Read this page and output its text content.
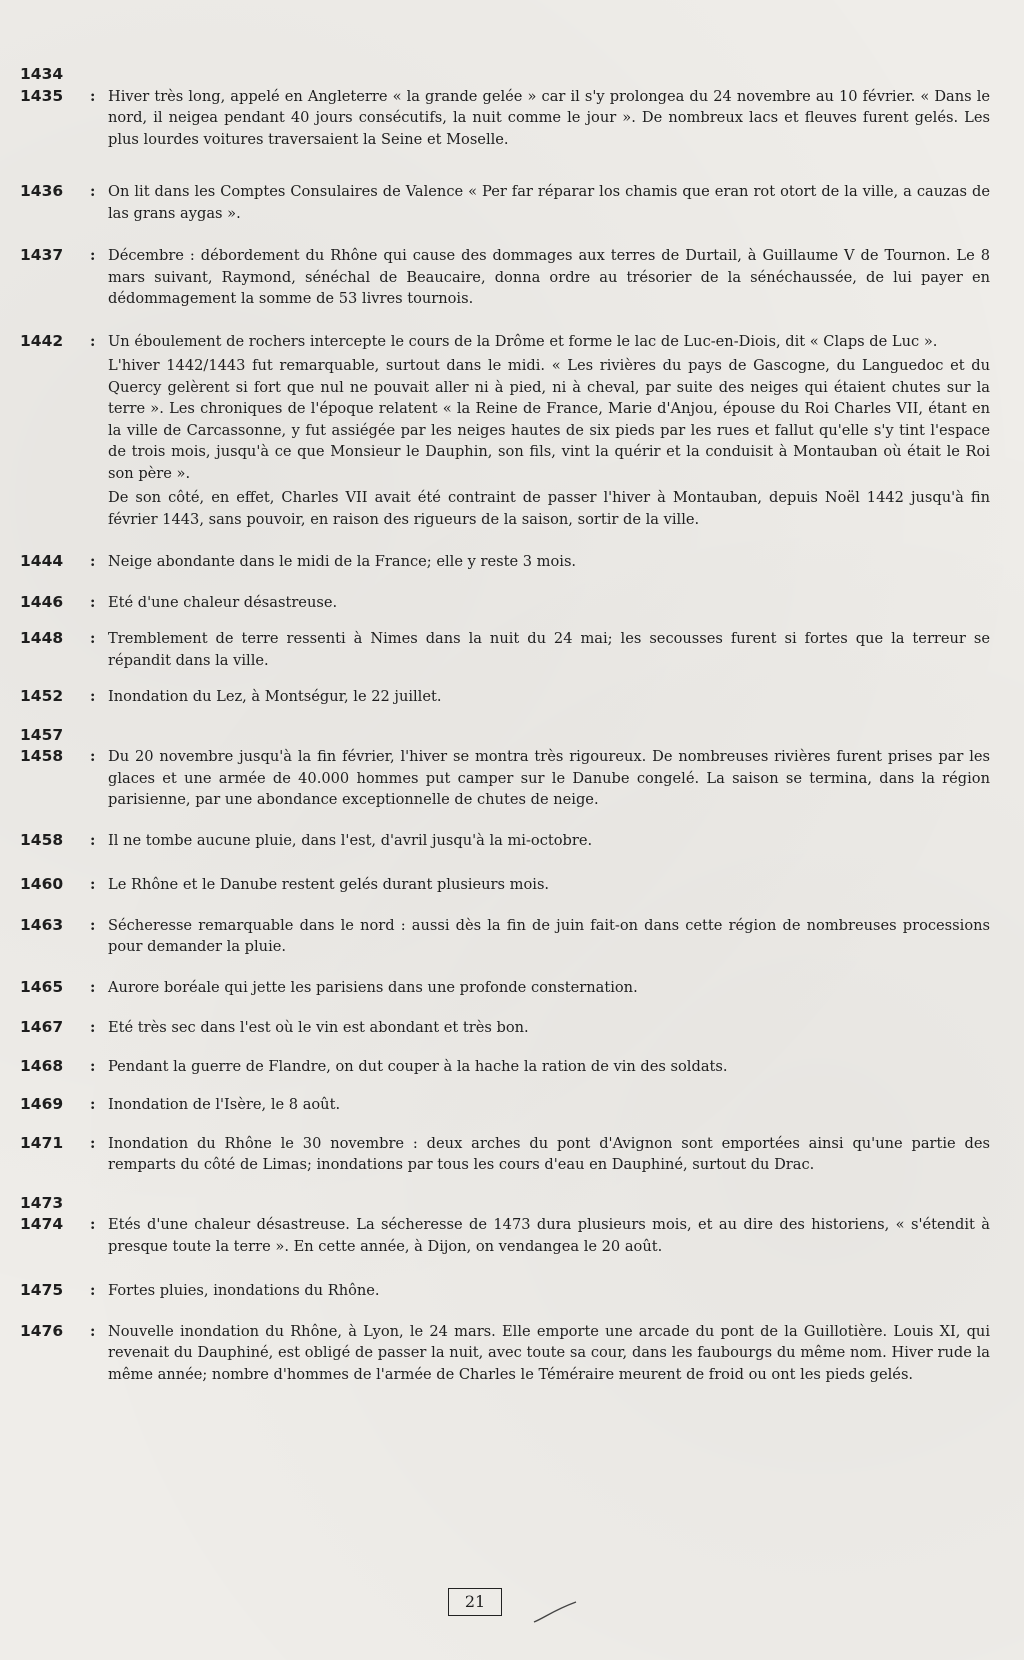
1434
1435	: Hiver très long, appelé en Angleterre « la grande gelée » car il s'y prolongea du 24 novembre au 10 février. « Dans le nord, il neigea pendant 40 jours consécutifs, la nuit comme le jour ». De nombreux lacs et fleuves furent gelés. Les plus lourdes voitures traversaient la Seine et Moselle.

1436	: On lit dans les Comptes Consulaires de Valence « Per far réparar los chamis que eran rot otort de la ville, a cauzas de las grans aygas ».

1437	: Décembre : débordement du Rhône qui cause des dommages aux terres de Durtail, à Guillaume V de Tournon. Le 8 mars suivant, Raymond, sénéchal de Beaucaire, donna ordre au trésorier de la sénéchaussée, de lui payer en dédommagement la somme de 53 livres tournois.

1442	: Un éboulement de rochers intercepte le cours de la Drôme et forme le lac de Luc-en-Diois, dit « Claps de Luc ».

L'hiver 1442/1443 fut remarquable, surtout dans le midi. « Les rivières du pays de Gascogne, du Languedoc et du Quercy gelèrent si fort que nul ne pouvait aller ni à pied, ni à cheval, par suite des neiges qui étaient chutes sur la terre ». Les chroniques de l'époque relatent « la Reine de France, Marie d'Anjou, épouse du Roi Charles VII, étant en la ville de Carcassonne, y fut assiégée par les neiges hautes de six pieds par les rues et fallut qu'elle s'y tint l'espace de trois mois, jusqu'à ce que Monsieur le Dauphin, son fils, vint la quérir et la conduisit à Montauban où était le Roi son père ».

De son côté, en effet, Charles VII avait été contraint de passer l'hiver à Montauban, depuis Noël 1442 jusqu'à fin février 1443, sans pouvoir, en raison des rigueurs de la saison, sortir de la ville.

1444	: Neige abondante dans le midi de la France; elle y reste 3 mois.

1446	: Eté d'une chaleur désastreuse.

1448	: Tremblement de terre ressenti à Nimes dans la nuit du 24 mai; les secousses furent si fortes que la terreur se répandit dans la ville.

1452	: Inondation du Lez, à Montségur, le 22 juillet.

1457
1458	: Du 20 novembre jusqu'à la fin février, l'hiver se montra très rigoureux. De nombreuses rivières furent prises par les glaces et une armée de 40.000 hommes put camper sur le Danube congelé. La saison se termina, dans la région parisienne, par une abondance exceptionnelle de chutes de neige.

1458	: Il ne tombe aucune pluie, dans l'est, d'avril jusqu'à la mi-octobre.

1460	: Le Rhône et le Danube restent gelés durant plusieurs mois.

1463	: Sécheresse remarquable dans le nord : aussi dès la fin de juin fait-on dans cette région de nombreuses processions pour demander la pluie.

1465	: Aurore boréale qui jette les parisiens dans une profonde consternation.

1467	: Eté très sec dans l'est où le vin est abondant et très bon.

1468	: Pendant la guerre de Flandre, on dut couper à la hache la ration de vin des soldats.

1469	: Inondation de l'Isère, le 8 août.

1471	: Inondation du Rhône le 30 novembre : deux arches du pont d'Avignon sont emportées ainsi qu'une partie des remparts du côté de Limas; inondations par tous les cours d'eau en Dauphiné, surtout du Drac.

1473
1474	: Etés d'une chaleur désastreuse. La sécheresse de 1473 dura plusieurs mois, et au dire des historiens, « s'étendit à presque toute la terre ». En cette année, à Dijon, on vendangea le 20 août.

1475	: Fortes pluies, inondations du Rhône.

1476	: Nouvelle inondation du Rhône, à Lyon, le 24 mars. Elle emporte une arcade du pont de la Guillotière. Louis XI, qui revenait du Dauphiné, est obligé de passer la nuit, avec toute sa cour, dans les faubourgs du même nom. Hiver rude la même année; nombre d'hommes de l'armée de Charles le Téméraire meurent de froid ou ont les pieds gelés.

21
